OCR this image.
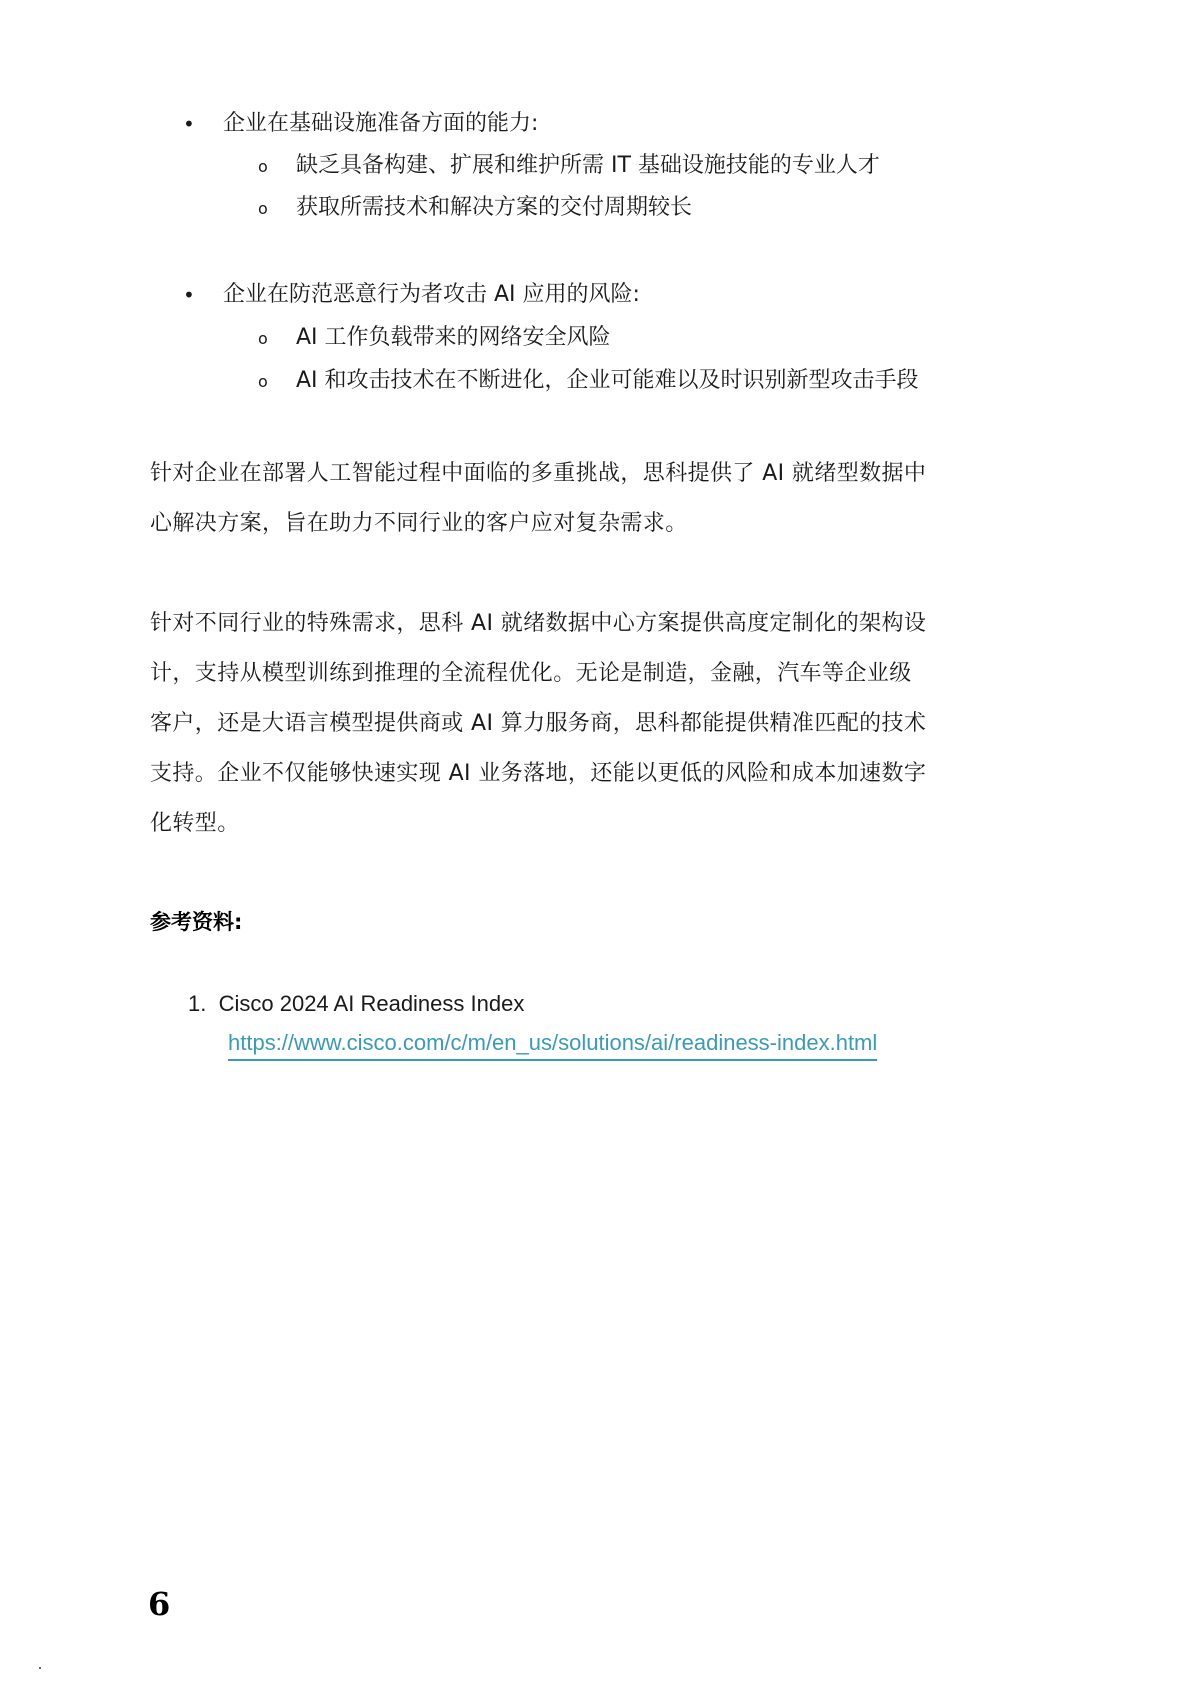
• 企业在基础设施准备方面的能力:
o 缺乏具备构建、扩展和维护所需 IT 基础设施技能的专业人才
o 获取所需技术和解决方案的交付周期较长
• 企业在防范恶意行为者攻击 AI 应用的风险:
o AI 工作负载带来的网络安全风险
o AI 和攻击技术在不断进化，企业可能难以及时识别新型攻击手段
针对企业在部署人工智能过程中面临的多重挑战，思科提供了 AI 就绪型数据中
心解决方案，旨在助力不同行业的客户应对复杂需求。
针对不同行业的特殊需求，思科 AI 就绪数据中心方案提供高度定制化的架构设
计，支持从模型训练到推理的全流程优化。无论是制造，金融，汽车等企业级
客户，还是大语言模型提供商或 AI 算力服务商，思科都能提供精准匹配的技术
支持。企业不仅能够快速实现 AI 业务落地，还能以更低的风险和成本加速数字
化转型。
参考资料:
1. Cisco 2024 AI Readiness Index
https://www.cisco.com/c/m/en_us/solutions/ai/readiness-index.html
6
